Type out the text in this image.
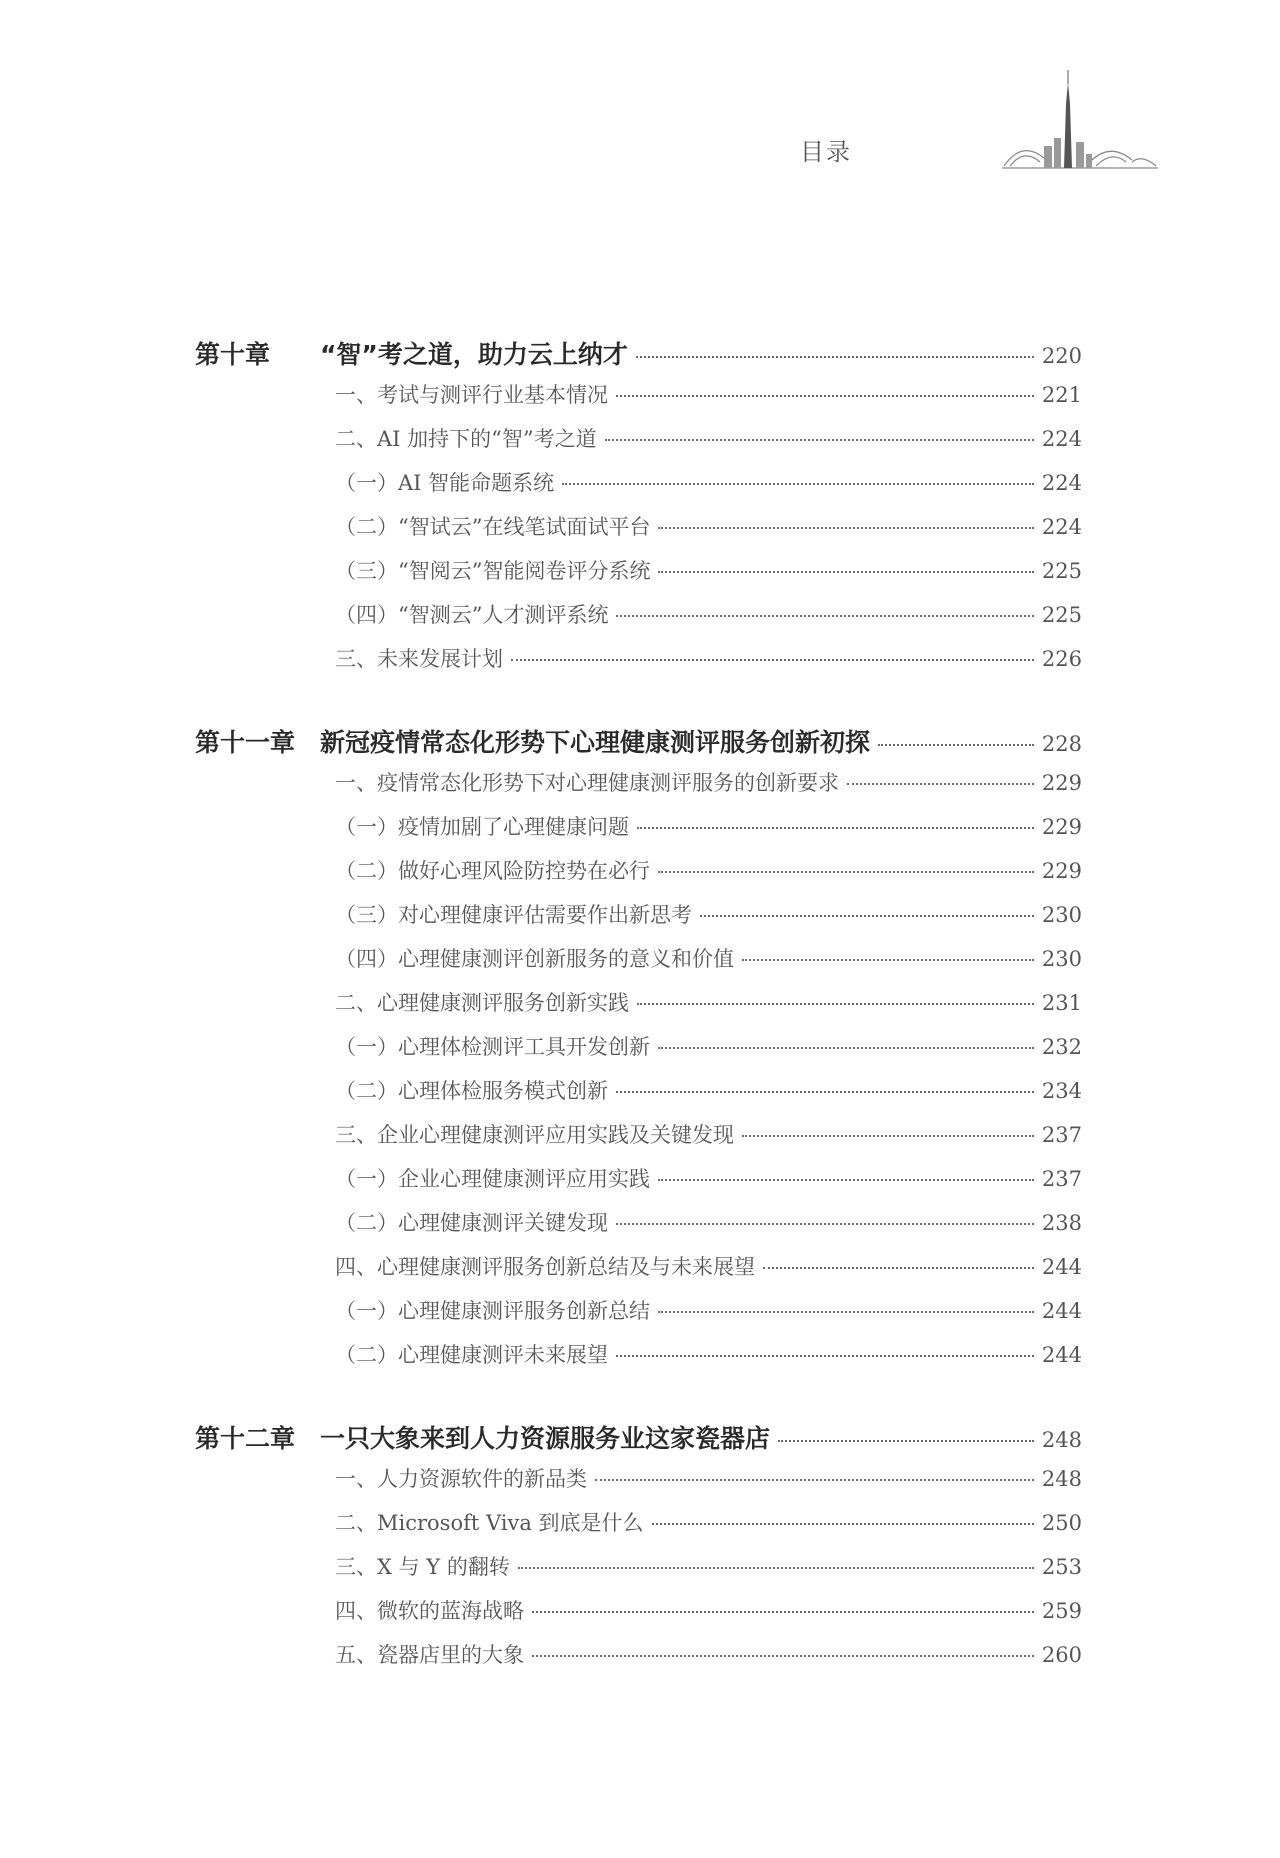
目录
第十章	“智”考之道，助力云上纳才	220
一、考试与测评行业基本情况	221
二、AI 加持下的“智”考之道	224
（一）AI 智能命题系统	224
（二）“智试云”在线笔试面试平台	224
（三）“智阅云”智能阅卷评分系统	225
（四）“智测云”人才测评系统	225
三、未来发展计划	226
第十一章 新冠疫情常态化形势下心理健康测评服务创新初探	228
一、疫情常态化形势下对心理健康测评服务的创新要求	229
（一）疫情加剧了心理健康问题	229
（二）做好心理风险防控势在必行	229
（三）对心理健康评估需要作出新思考	230
（四）心理健康测评创新服务的意义和价值	230
二、心理健康测评服务创新实践	231
（一）心理体检测评工具开发创新	232
（二）心理体检服务模式创新	234
三、企业心理健康测评应用实践及关键发现	237
（一）企业心理健康测评应用实践	237
（二）心理健康测评关键发现	238
四、心理健康测评服务创新总结及与未来展望	244
（一）心理健康测评服务创新总结	244
（二）心理健康测评未来展望	244
第十二章 一只大象来到人力资源服务业这家瓷器店	248
一、人力资源软件的新品类	248
二、Microsoft Viva 到底是什么	250
三、X 与 Y 的翻转	253
四、微软的蓝海战略	259
五、瓷器店里的大象	260
